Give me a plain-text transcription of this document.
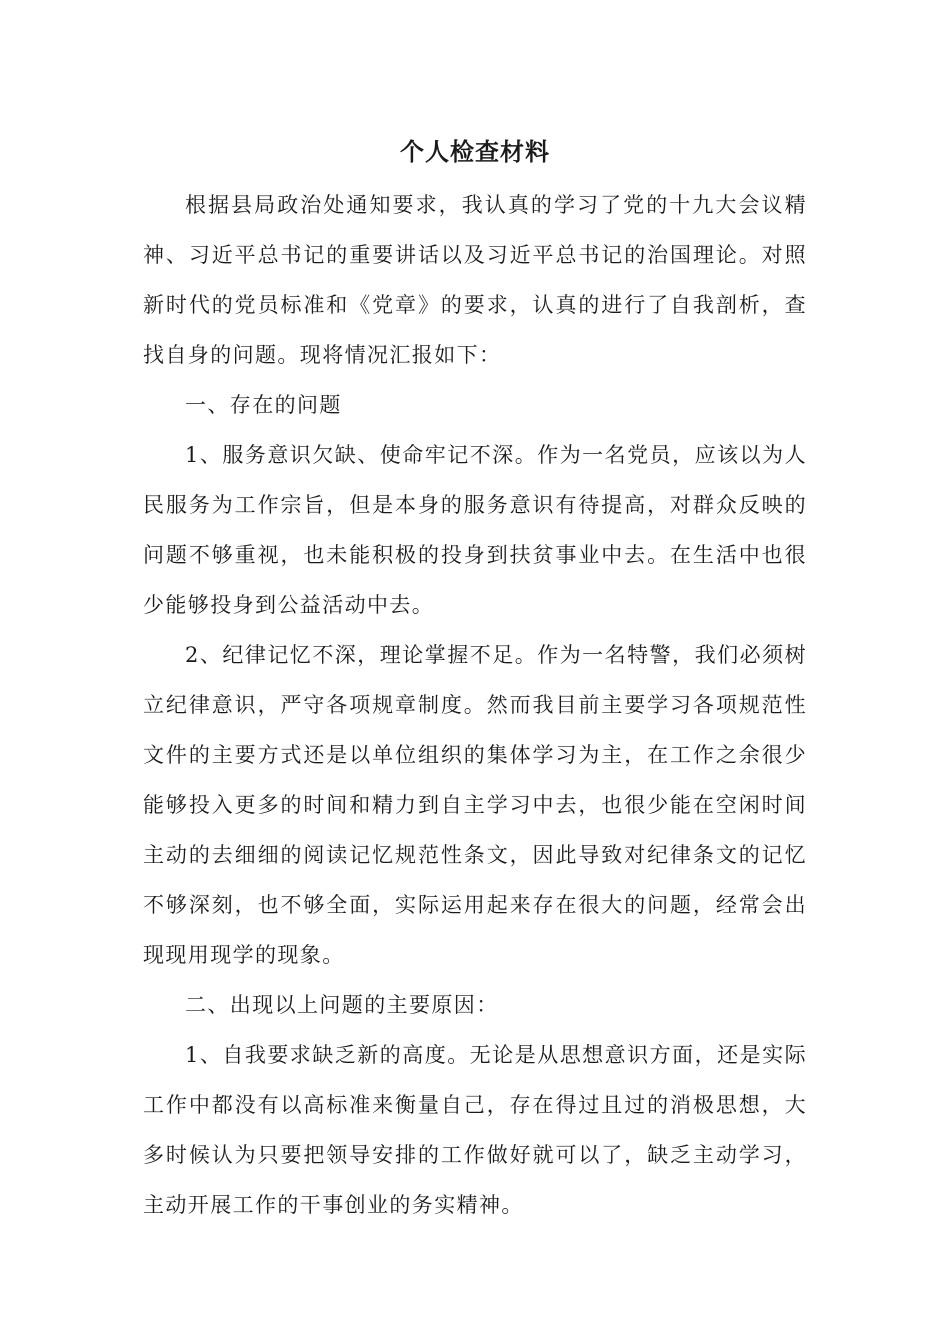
个人检查材料

根据县局政治处通知要求，我认真的学习了党的十九大会议精神、习近平总书记的重要讲话以及习近平总书记的治国理论。对照新时代的党员标准和《党章》的要求，认真的进行了自我剖析，查找自身的问题。现将情况汇报如下：

一、存在的问题

1、服务意识欠缺、使命牢记不深。作为一名党员，应该以为人民服务为工作宗旨，但是本身的服务意识有待提高，对群众反映的问题不够重视，也未能积极的投身到扶贫事业中去。在生活中也很少能够投身到公益活动中去。

2、纪律记忆不深，理论掌握不足。作为一名特警，我们必须树立纪律意识，严守各项规章制度。然而我目前主要学习各项规范性文件的主要方式还是以单位组织的集体学习为主，在工作之余很少能够投入更多的时间和精力到自主学习中去，也很少能在空闲时间主动的去细细的阅读记忆规范性条文，因此导致对纪律条文的记忆不够深刻，也不够全面，实际运用起来存在很大的问题，经常会出现现用现学的现象。

二、出现以上问题的主要原因：

1、自我要求缺乏新的高度。无论是从思想意识方面，还是实际工作中都没有以高标准来衡量自己，存在得过且过的消极思想，大多时候认为只要把领导安排的工作做好就可以了，缺乏主动学习，主动开展工作的干事创业的务实精神。
